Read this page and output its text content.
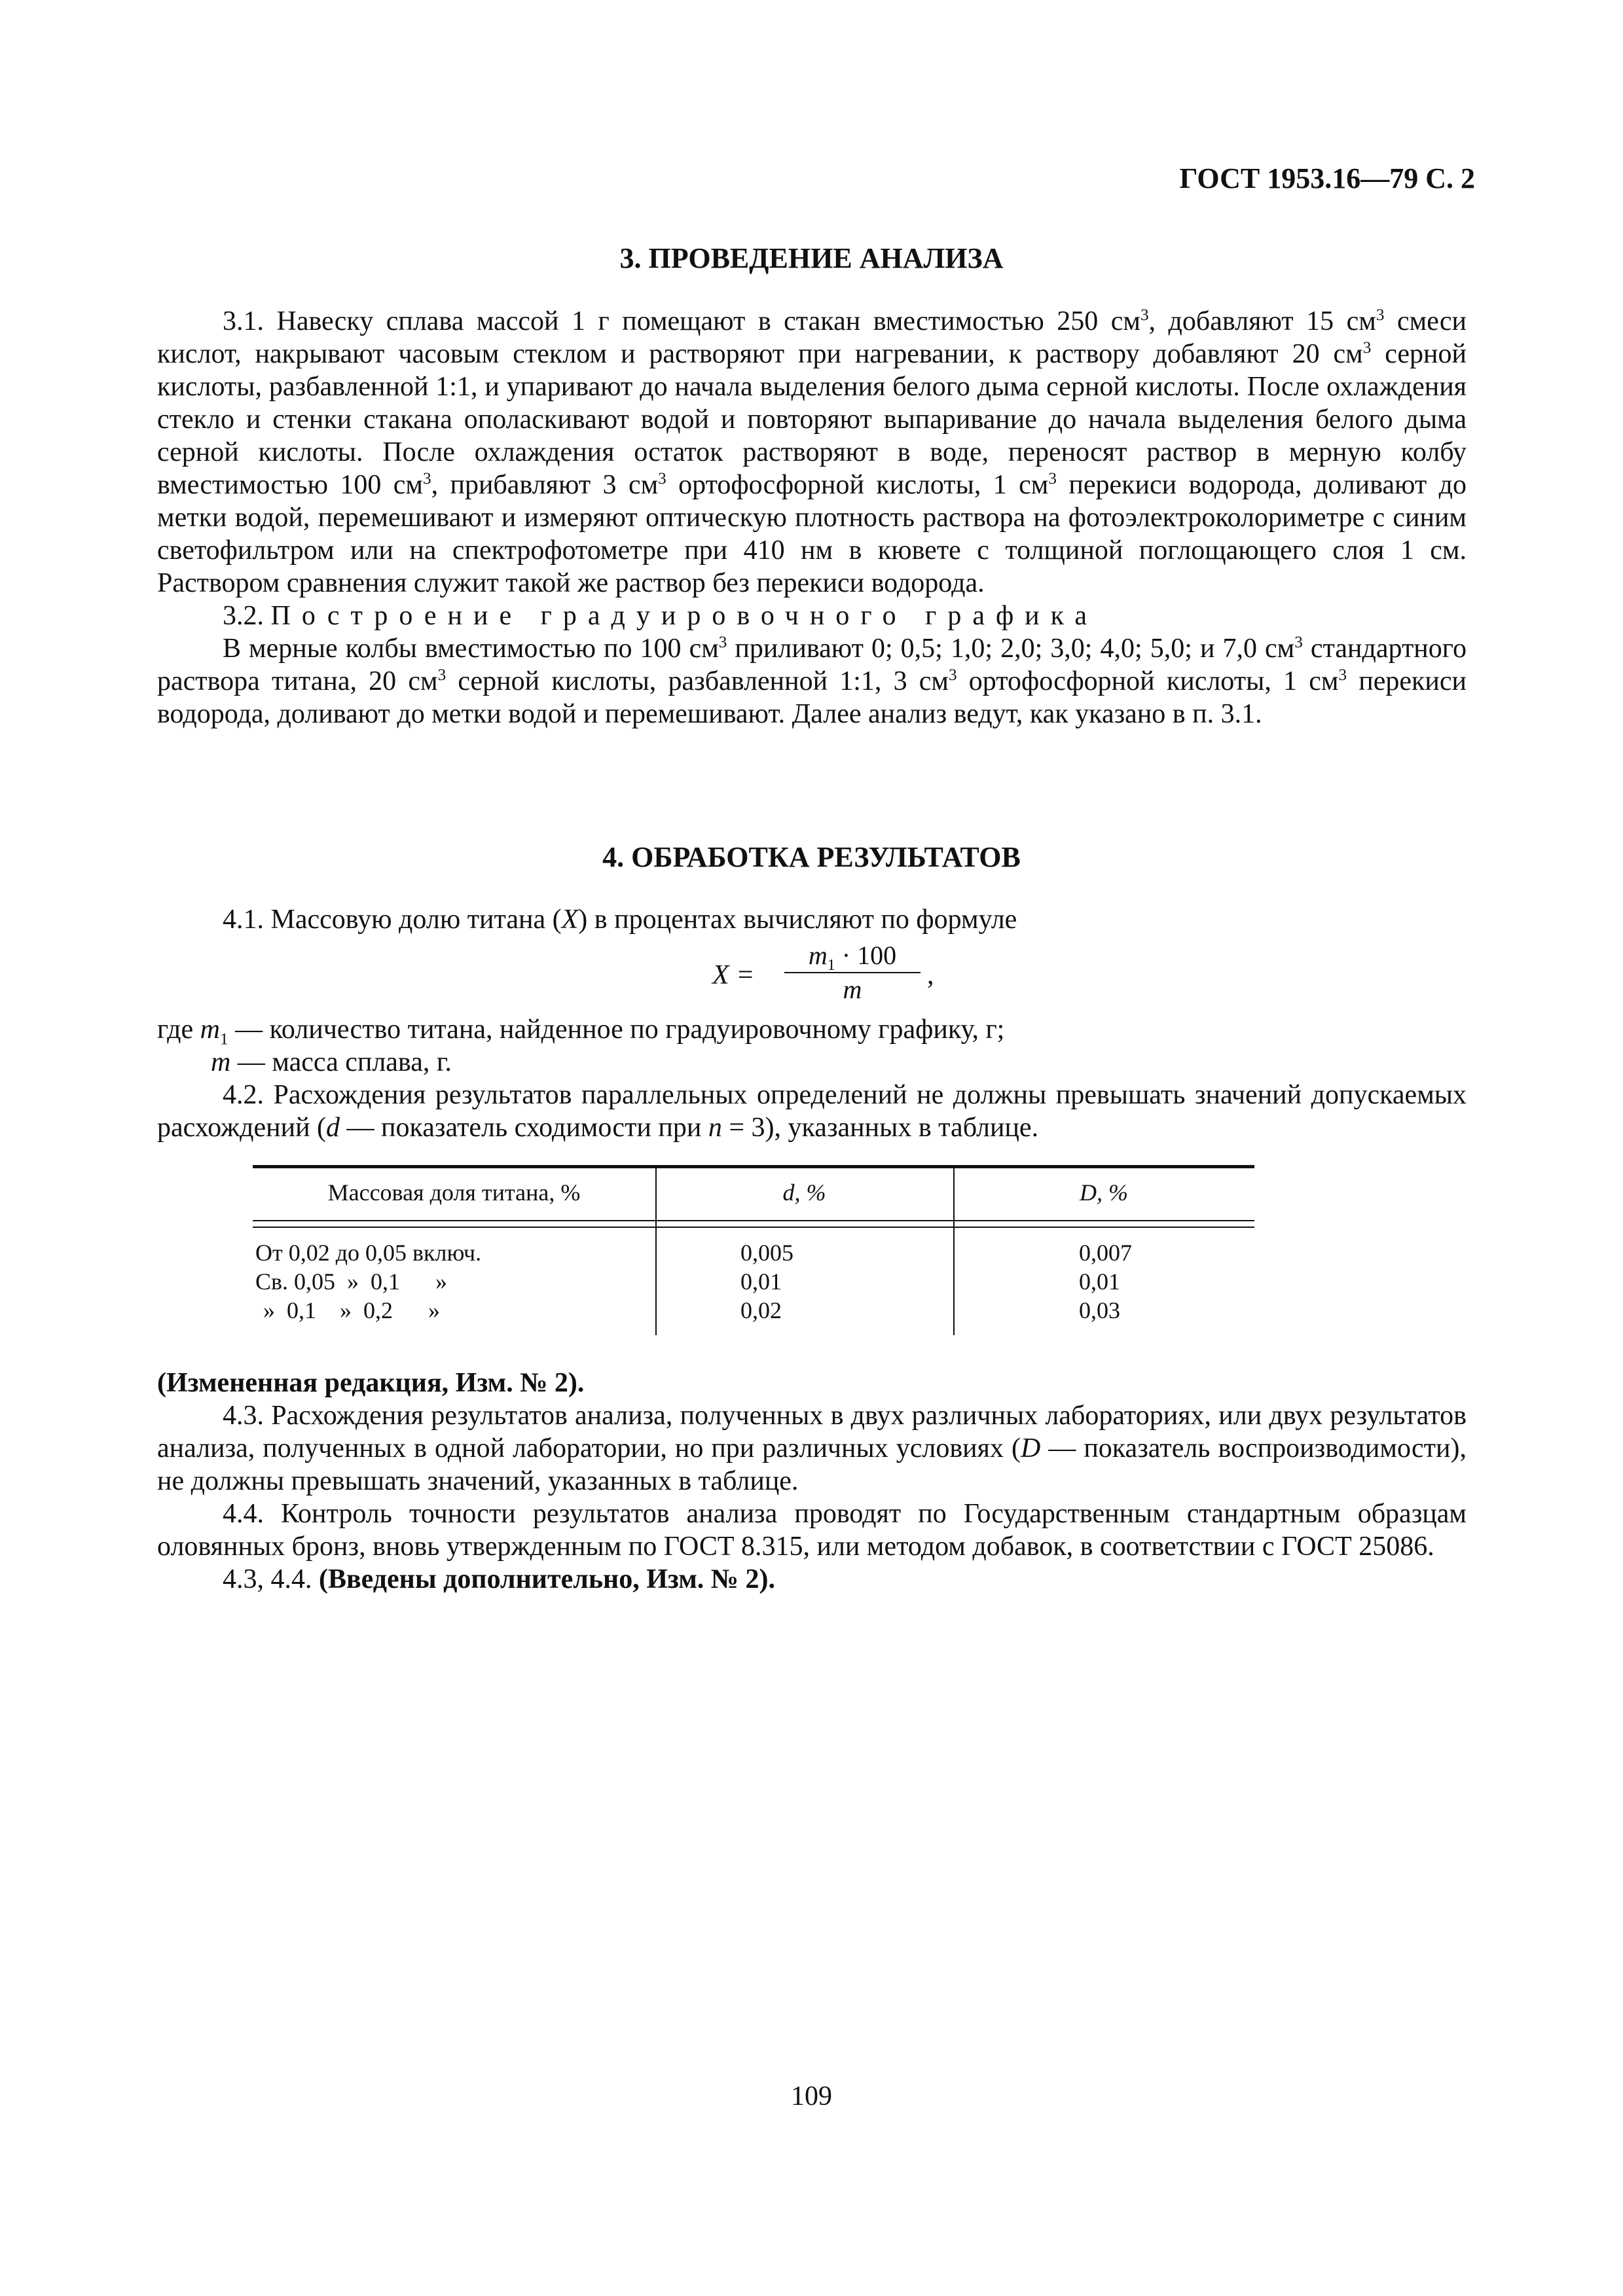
ГОСТ 1953.16—79 С. 2
3. ПРОВЕДЕНИЕ АНАЛИЗА

3.1. Навеску сплава массой 1 г помещают в стакан вместимостью 250 $см^3$, добавляют 15 $см^3$ смеси кислот, накрывают часовым стеклом и растворяют при нагревании, к раствору добавляют 20 $см^3$ серной кислоты, разбавленной 1:1, и упаривают до начала выделения белого дыма серной кислоты. После охлаждения стекло и стенки стакана ополаскивают водой и повторяют выпаривание до начала выделения белого дыма серной кислоты. После охлаждения остаток растворяют в воде, переносят раствор в мерную колбу вместимостью 100 $см^3$, прибавляют 3 $см^3$ ортофосфорной кислоты, 1 $см^3$ перекиси водорода, доливают до метки водой, перемешивают и измеряют оптическую плотность раствора на фотоэлектроколориметре с синим светофильтром или на спектрофотометре при 410 нм в кювете с толщиной поглощающего слоя 1 см. Раствором сравнения служит такой же раствор без перекиси водорода.

3.2. Построение градуировочного графика

В мерные колбы вместимостью по 100 $см^3$ приливают 0; 0,5; 1,0; 2,0; 3,0; 4,0; 5,0; и 7,0 $см^3$ стандартного раствора титана, 20 $см^3$ серной кислоты, разбавленной 1:1, 3 $см^3$ ортофосфорной кислоты, 1 $см^3$ перекиси водорода, доливают до метки водой и перемешивают. Далее анализ ведут, как указано в п. 3.1.

4. ОБРАБОТКА РЕЗУЛЬТАТОВ

4.1. Массовую долю титана (X) в процентах вычисляют по формуле

X =
$m_1 \cdot 100$
m	,

где $m_1$ — количество титана, найденное по градуировочному графику, г;

m — масса сплава, г.

4.2. Расхождения результатов параллельных определений не должны превышать значений допускаемых расхождений (d — показатель сходимости при n = 3), указанных в таблице.

Массовая доля титана, %	d, %	D, %
От 0,02 до 0,05 включ.	0,005	0,007
Св. 0,05  »  0,1      »	0,01	0,01
»  0,1    »  0,2      »	0,02	0,03

(Измененная редакция, Изм. № 2).

4.3. Расхождения результатов анализа, полученных в двух различных лабораториях, или двух результатов анализа, полученных в одной лаборатории, но при различных условиях (D — показатель воспроизводимости), не должны превышать значений, указанных в таблице.

4.4. Контроль точности результатов анализа проводят по Государственным стандартным образцам оловянных бронз, вновь утвержденным по ГОСТ 8.315, или методом добавок, в соответствии с ГОСТ 25086.

4.3, 4.4. (Введены дополнительно, Изм. № 2).

109
